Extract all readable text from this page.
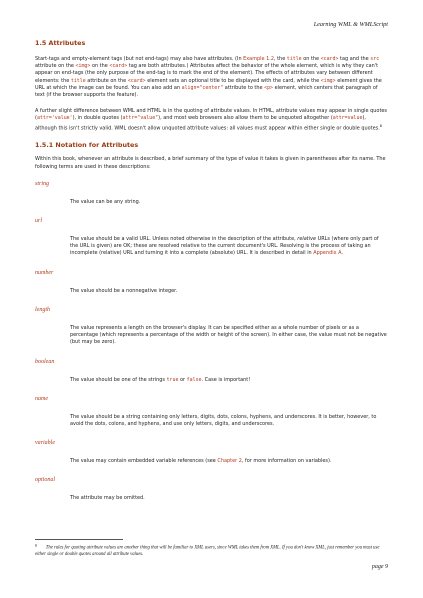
Learning WML & WMLScript
1.5 Attributes

Start-tags and empty-element tags (but not end-tags) may also have attributes. (In Example 1.2, the title on the <card> tag and the src attribute on the <img> on the <card> tag are both attributes.) Attributes affect the behavior of the whole element, which is why they can't appear on end-tags (the only purpose of the end-tag is to mark the end of the element). The effects of attributes vary between different elements: the title attribute on the <card> element sets an optional title to be displayed with the card, while the <img> element gives the URL at which the image can be found. You can also add an align="center" attribute to the <p> element, which centers that paragraph of text (if the browser supports the feature).

A further slight difference between WML and HTML is in the quoting of attribute values. In HTML, attribute values may appear in single quotes (attr='value'), in double quotes (attr="value"), and most web browsers also allow them to be unquoted altogether (attr=value), although this isn't strictly valid. WML doesn't allow unquoted attribute values: all values must appear within either single or double quotes.$^8$

1.5.1 Notation for Attributes

Within this book, whenever an attribute is described, a brief summary of the type of value it takes is given in parentheses after its name. The following terms are used in these descriptions:

string

The value can be any string.

url

The value should be a valid URL. Unless noted otherwise in the description of the attribute, relative URLs (where only part of the URL is given) are OK; these are resolved relative to the current document's URL. Resolving is the process of taking an incomplete (relative) URL and turning it into a complete (absolute) URL. It is described in detail in Appendix A.

number

The value should be a nonnegative integer.

length

The value represents a length on the browser's display. It can be specified either as a whole number of pixels or as a percentage (which represents a percentage of the width or height of the screen). In either case, the value must not be negative (but may be zero).

boolean

The value should be one of the strings true or false. Case is important!

name

The value should be a string containing only letters, digits, dots, colons, hyphens, and underscores. It is better, however, to avoid the dots, colons, and hyphens, and use only letters, digits, and underscores.

variable

The value may contain embedded variable references (see Chapter 2, for more information on variables).

optional

The attribute may be omitted.

$^8$ The rules for quoting attribute values are another thing that will be familiar to XML users, since WML takes them from XML. If you don't know XML, just remember you must use either single or double quotes around all attribute values.
page 9
